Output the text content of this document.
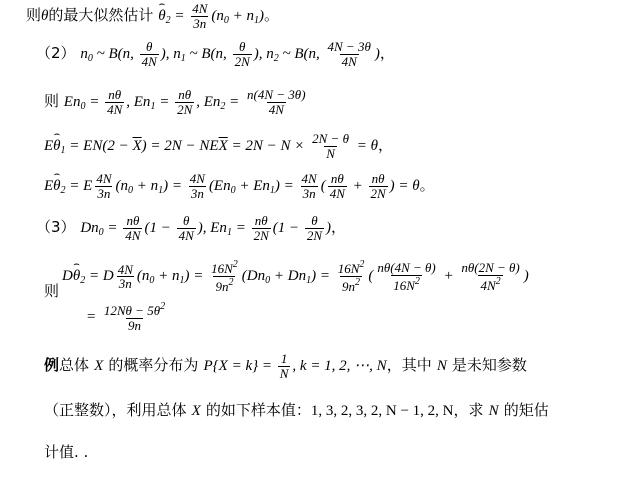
则θ的最大似然估计 ⌢ $\theta_2 = \frac{4N}{3n} (n_0 + n_1)$。
（2） $n_0$ ~ B(n, $\frac{\theta}{4N}$ ), $n_1$ ~ B(n, $\frac{\theta}{2N}$ ), $n_2$ ~ B(n, $\frac{4N - 3\theta}{4N}$ )，
则 $En_0 = \frac{n\theta}{4N}$ , $En_1 = \frac{n\theta}{2N}$ , $En_2 = \frac{n(4N - 3\theta)}{4N}$
E⌢ $\theta_1 = EN(2 - \overline{X}) = 2N - NE\overline{X} = 2N - N \times \frac{2N - \theta}{N} = \theta$，
E⌢ $\theta_2 = E \frac{4N}{3n} (n_0 + n_1) = \frac{4N}{3n} (En_0 + En_1) = \frac{4N}{3n}$ ( $\frac{n\theta}{4N} + \frac{n\theta}{2N}$ ) = θ。
（3） $Dn_0 = \frac{n\theta}{4N} (1 - \frac{\theta}{4N}$ ), $En_1 = \frac{n\theta}{2N} (1 - \frac{\theta}{2N}$ )，
D⌢ $\theta_2 = D \frac{4N}{3n} (n_0 + n_1) = \frac{16N^2}{9n^2} (Dn_0 + Dn_1) = \frac{16N^2}{9n^2}$ ( $\frac{n\theta(4N - \theta)}{16N^2} + \frac{n\theta(2N - \theta)}{4N^2}$ )
则
= $\frac{12N\theta - 5\theta^2}{9n}$
例总体 X 的概率分布为 $P\{X = k\} = \frac{1}{N}$ , k = 1, 2, ⋯, N，其中 N 是未知参数
（正整数），利用总体 X 的如下样本值：1, 3, 2, 3, 2, N − 1, 2, N，求 N 的矩估
计值. .
